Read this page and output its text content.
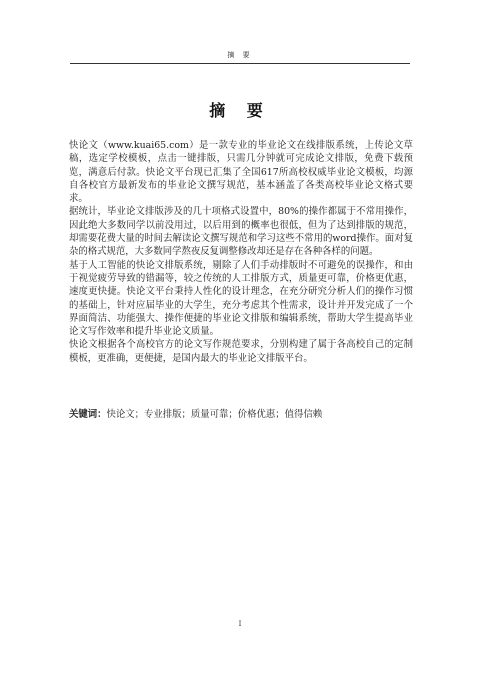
摘 要
摘 要

快论文（www.kuai65.com）是一款专业的毕业论文在线排版系统，上传论文草稿，选定学校模板，点击一键排版，只需几分钟就可完成论文排版，免费下载预览，满意后付款。快论文平台现已汇集了全国617所高校权威毕业论文模板，均源自各校官方最新发布的毕业论文撰写规范，基本涵盖了各类高校毕业论文格式要求。

据统计，毕业论文排版涉及的几十项格式设置中，80%的操作都属于不常用操作，因此绝大多数同学以前没用过，以后用到的概率也很低，但为了达到排版的规范，却需要花费大量的时间去解读论文撰写规范和学习这些不常用的word操作。面对复杂的格式规范，大多数同学熬夜反复调整修改却还是存在各种各样的问题。

基于人工智能的快论文排版系统，剔除了人们手动排版时不可避免的误操作，和由于视觉疲劳导致的错漏等，较之传统的人工排版方式，质量更可靠，价格更优惠，速度更快捷。快论文平台秉持人性化的设计理念，在充分研究分析人们的操作习惯的基础上，针对应届毕业的大学生，充分考虑其个性需求，设计并开发完成了一个界面简洁、功能强大、操作便捷的毕业论文排版和编辑系统，帮助大学生提高毕业论文写作效率和提升毕业论文质量。

快论文根据各个高校官方的论文写作规范要求，分别构建了属于各高校自己的定制模板，更准确，更便捷，是国内最大的毕业论文排版平台。

关键词：快论文；专业排版；质量可靠；价格优惠；值得信赖
I
